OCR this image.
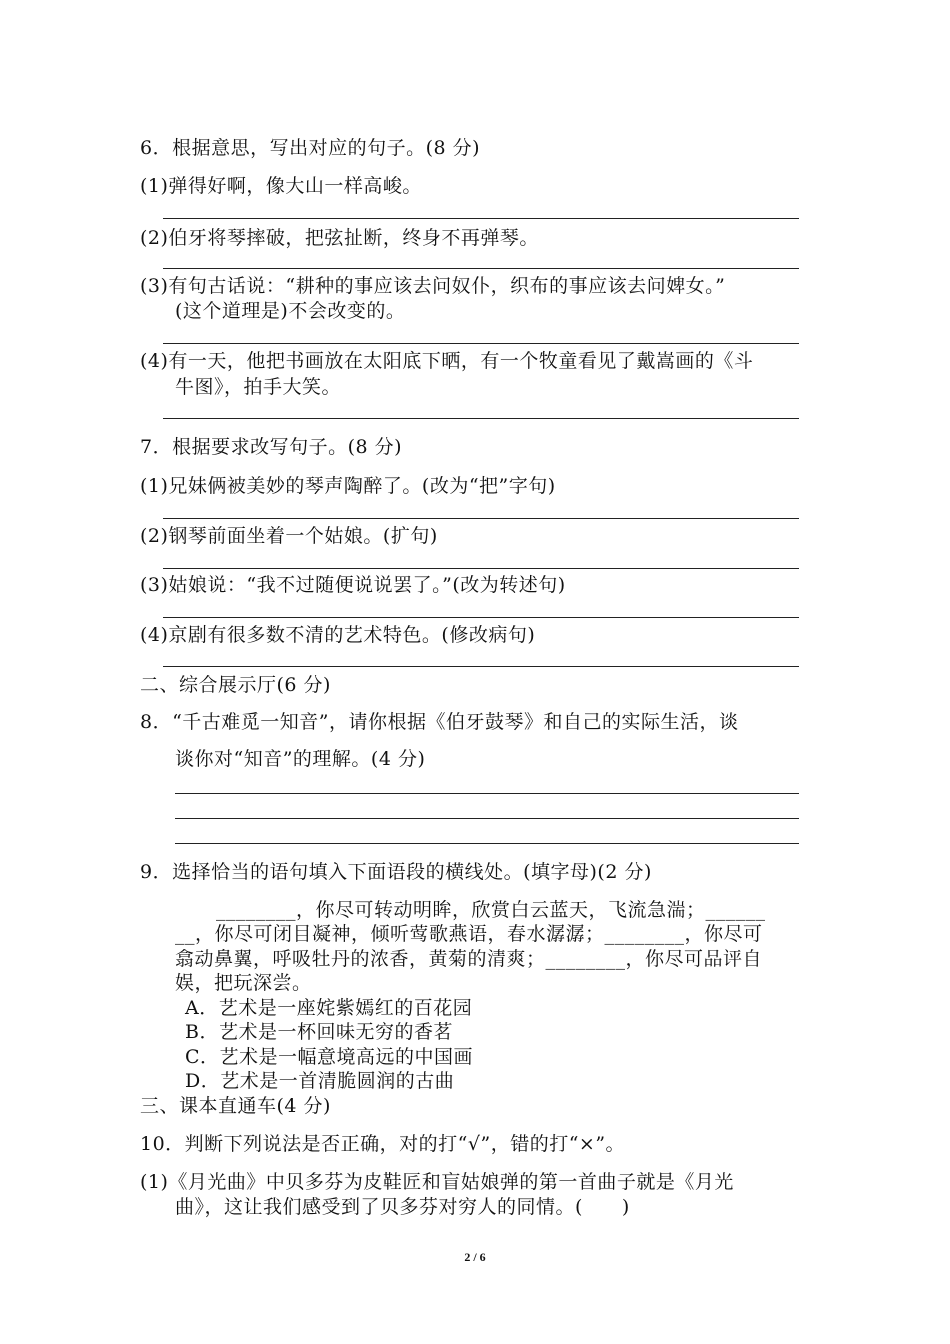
6．根据意思，写出对应的句子。(8 分)
(1)弹得好啊，像大山一样高峻。
(2)伯牙将琴摔破，把弦扯断，终身不再弹琴。
(3)有句古话说：“耕种的事应该去问奴仆，织布的事应该去问婢女。”
(这个道理是)不会改变的。
(4)有一天，他把书画放在太阳底下晒，有一个牧童看见了戴嵩画的《斗
牛图》，拍手大笑。
7．根据要求改写句子。(8 分)
(1)兄妹俩被美妙的琴声陶醉了。(改为“把”字句)
(2)钢琴前面坐着一个姑娘。(扩句)
(3)姑娘说：“我不过随便说说罢了。”(改为转述句)
(4)京剧有很多数不清的艺术特色。(修改病句)
二、综合展示厅(6 分)
8．“千古难觅一知音”，请你根据《伯牙鼓琴》和自己的实际生活，谈
谈你对“知音”的理解。(4 分)
9．选择恰当的语句填入下面语段的横线处。(填字母)(2 分)
________，你尽可转动明眸，欣赏白云蓝天，飞流急湍；______
__，你尽可闭目凝神，倾听莺歌燕语，春水潺潺；________，你尽可
翕动鼻翼，呼吸牡丹的浓香，黄菊的清爽；________，你尽可品评自
娱，把玩深尝。
A．艺术是一座姹紫嫣红的百花园
B．艺术是一杯回味无穷的香茗
C．艺术是一幅意境高远的中国画
D．艺术是一首清脆圆润的古曲
三、课本直通车(4 分)
10．判断下列说法是否正确，对的打“√”，错的打“×”。
(1)《月光曲》中贝多芬为皮鞋匠和盲姑娘弹的第一首曲子就是《月光
曲》，这让我们感受到了贝多芬对穷人的同情。(　　)
2 / 6
